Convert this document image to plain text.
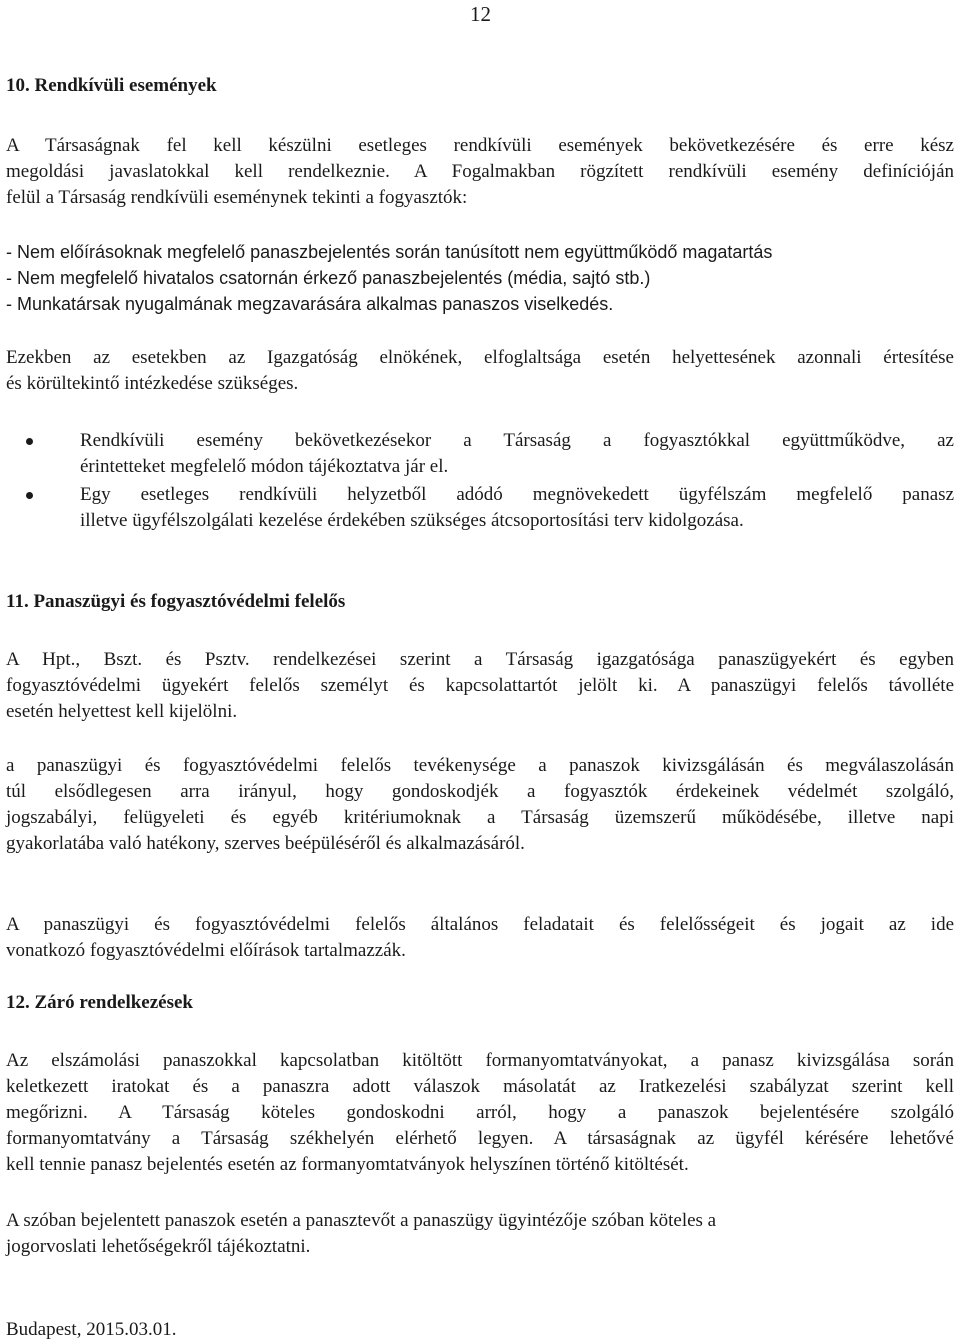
12
10. Rendkívüli események
A Társaságnak fel kell készülni esetleges rendkívüli események bekövetkezésére és erre kész
megoldási javaslatokkal kell rendelkeznie. A Fogalmakban rögzített rendkívüli esemény definícióján
felül a Társaság rendkívüli eseménynek tekinti a fogyasztók:
- Nem előírásoknak megfelelő panaszbejelentés során tanúsított nem együttműködő magatartás
- Nem megfelelő hivatalos csatornán érkező panaszbejelentés (média, sajtó stb.)
- Munkatársak nyugalmának megzavarására alkalmas panaszos viselkedés.
Ezekben az esetekben az Igazgatóság elnökének, elfoglaltsága esetén helyettesének azonnali értesítése
és körültekintő intézkedése szükséges.
Rendkívüli esemény bekövetkezésekor a Társaság a fogyasztókkal együttműködve, az
érintetteket megfelelő módon tájékoztatva jár el.
Egy esetleges rendkívüli helyzetből adódó megnövekedett ügyfélszám megfelelő panasz
illetve ügyfélszolgálati kezelése érdekében szükséges átcsoportosítási terv kidolgozása.
11. Panaszügyi és fogyasztóvédelmi felelős
A Hpt., Bszt. és Psztv. rendelkezései szerint a Társaság igazgatósága panaszügyekért és egyben
fogyasztóvédelmi ügyekért felelős személyt és kapcsolattartót jelölt ki. A panaszügyi felelős távolléte
esetén helyettest kell kijelölni.
a panaszügyi és fogyasztóvédelmi felelős tevékenysége a panaszok kivizsgálásán és megválaszolásán
túl elsődlegesen arra irányul, hogy gondoskodjék a fogyasztók érdekeinek védelmét szolgáló,
jogszabályi, felügyeleti és egyéb kritériumoknak a Társaság üzemszerű működésébe, illetve napi
gyakorlatába való hatékony, szerves beépüléséről és alkalmazásáról.
A panaszügyi és fogyasztóvédelmi felelős általános feladatait és felelősségeit és jogait az ide
vonatkozó fogyasztóvédelmi előírások tartalmazzák.
12. Záró rendelkezések
Az elszámolási panaszokkal kapcsolatban kitöltött formanyomtatványokat, a panasz kivizsgálása során
keletkezett iratokat és a panaszra adott válaszok másolatát az Iratkezelési szabályzat szerint kell
megőrizni. A Társaság köteles gondoskodni arról, hogy a panaszok bejelentésére szolgáló
formanyomtatvány a Társaság székhelyén elérhető legyen. A társaságnak az ügyfél kérésére lehetővé
kell tennie panasz bejelentés esetén az formanyomtatványok helyszínen történő kitöltését.
A szóban bejelentett panaszok esetén a panasztevőt a panaszügy ügyintézője szóban köteles a
jogorvoslati lehetőségekről tájékoztatni.
Budapest, 2015.03.01.
